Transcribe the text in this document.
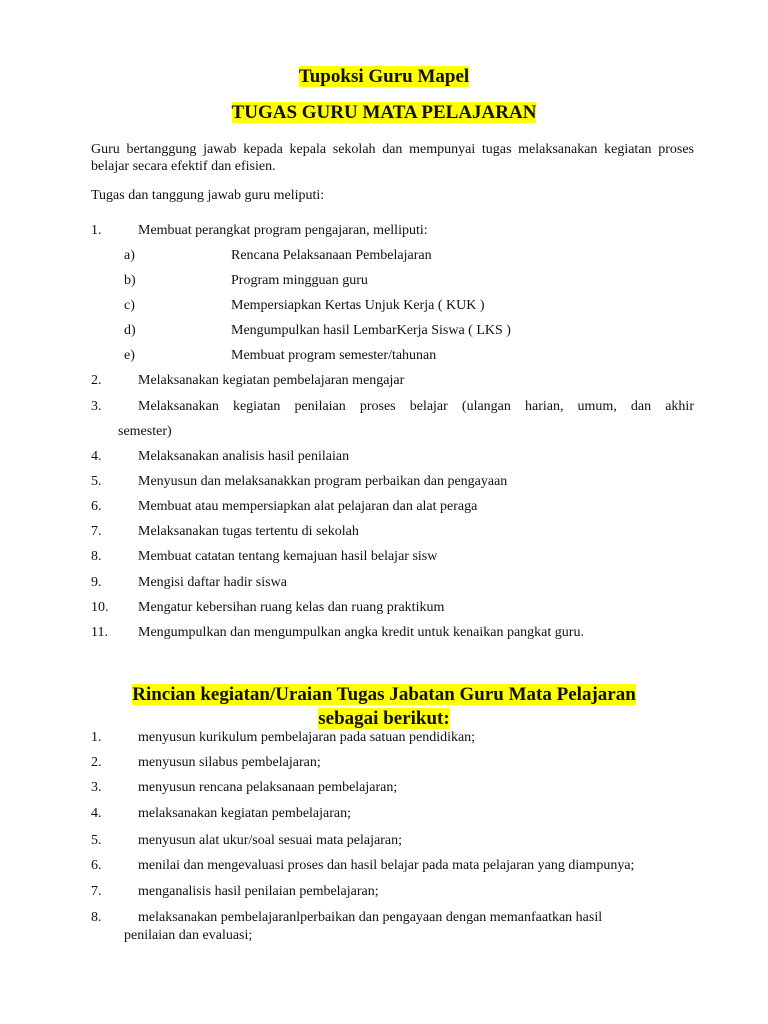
Tupoksi Guru Mapel
TUGAS GURU MATA PELAJARAN
Guru bertanggung jawab kepada kepala sekolah dan mempunyai tugas melaksanakan kegiatan proses belajar secara efektif dan efisien.
Tugas dan tanggung jawab guru meliputi:
1.	Membuat perangkat program pengajaran, melliputi:
a)	Rencana Pelaksanaan Pembelajaran
b)	Program mingguan guru
c)	Mempersiapkan Kertas Unjuk Kerja ( KUK )
d)	Mengumpulkan hasil LembarKerja Siswa ( LKS )
e)	Membuat program semester/tahunan
2.	Melaksanakan kegiatan pembelajaran mengajar
3.	Melaksanakan kegiatan penilaian proses belajar (ulangan harian, umum, dan akhir
semester)
4.	Melaksanakan analisis hasil penilaian
5.	Menyusun dan melaksanakkan program perbaikan dan pengayaan
6.	Membuat atau mempersiapkan alat pelajaran dan alat peraga
7.	Melaksanakan tugas tertentu di sekolah
8.	Membuat catatan tentang kemajuan hasil belajar sisw
9.	Mengisi daftar hadir siswa
10. Mengatur kebersihan ruang kelas dan ruang praktikum
11. Mengumpulkan dan mengumpulkan angka kredit untuk kenaikan pangkat guru.
Rincian kegiatan/Uraian Tugas Jabatan Guru Mata Pelajaran
sebagai berikut:
1.	menyusun kurikulum pembelajaran pada satuan pendidikan;
2.	menyusun silabus pembelajaran;
3.	menyusun rencana pelaksanaan pembelajaran;
4.	melaksanakan kegiatan pembelajaran;
5.	menyusun alat ukur/soal sesuai mata pelajaran;
6.	menilai dan mengevaluasi proses dan hasil belajar pada mata pelajaran yang diampunya;
7.	menganalisis hasil penilaian pembelajaran;
8.	melaksanakan pembelajaranlperbaikan dan pengayaan dengan memanfaatkan hasil
penilaian dan evaluasi;
